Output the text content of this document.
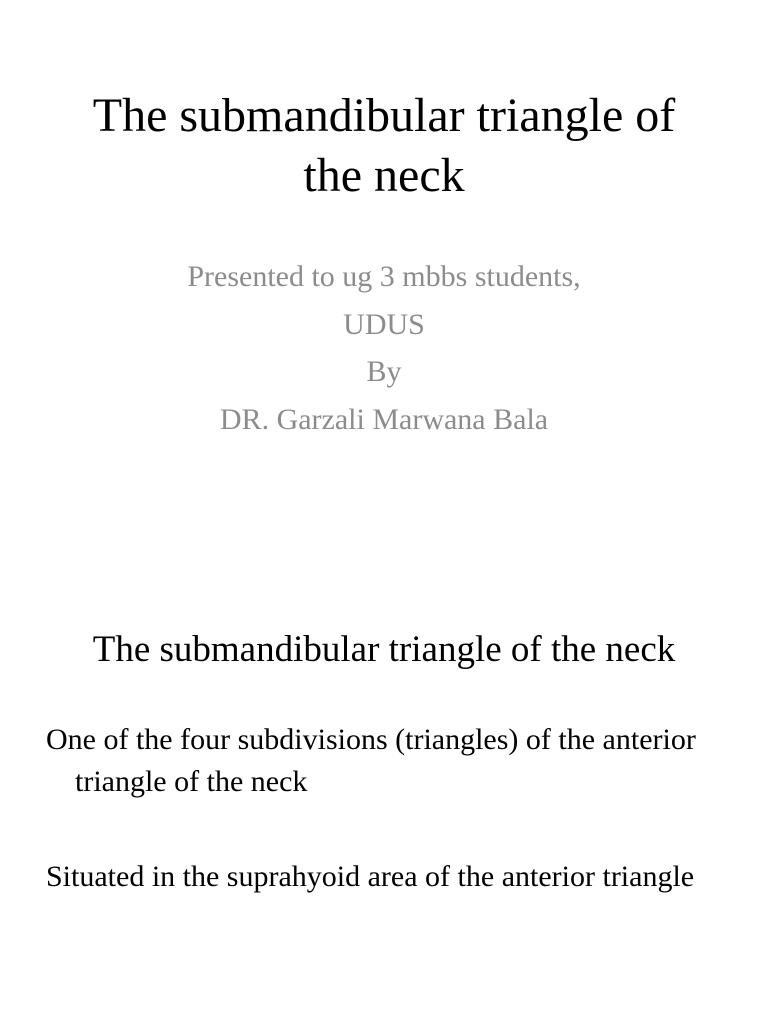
The submandibular triangle of
the neck
Presented to ug 3 mbbs students,
UDUS
By
DR. Garzali Marwana Bala
The submandibular triangle of the neck
One of the four subdivisions (triangles) of the anterior triangle of the neck
Situated in the suprahyoid area of the anterior triangle
